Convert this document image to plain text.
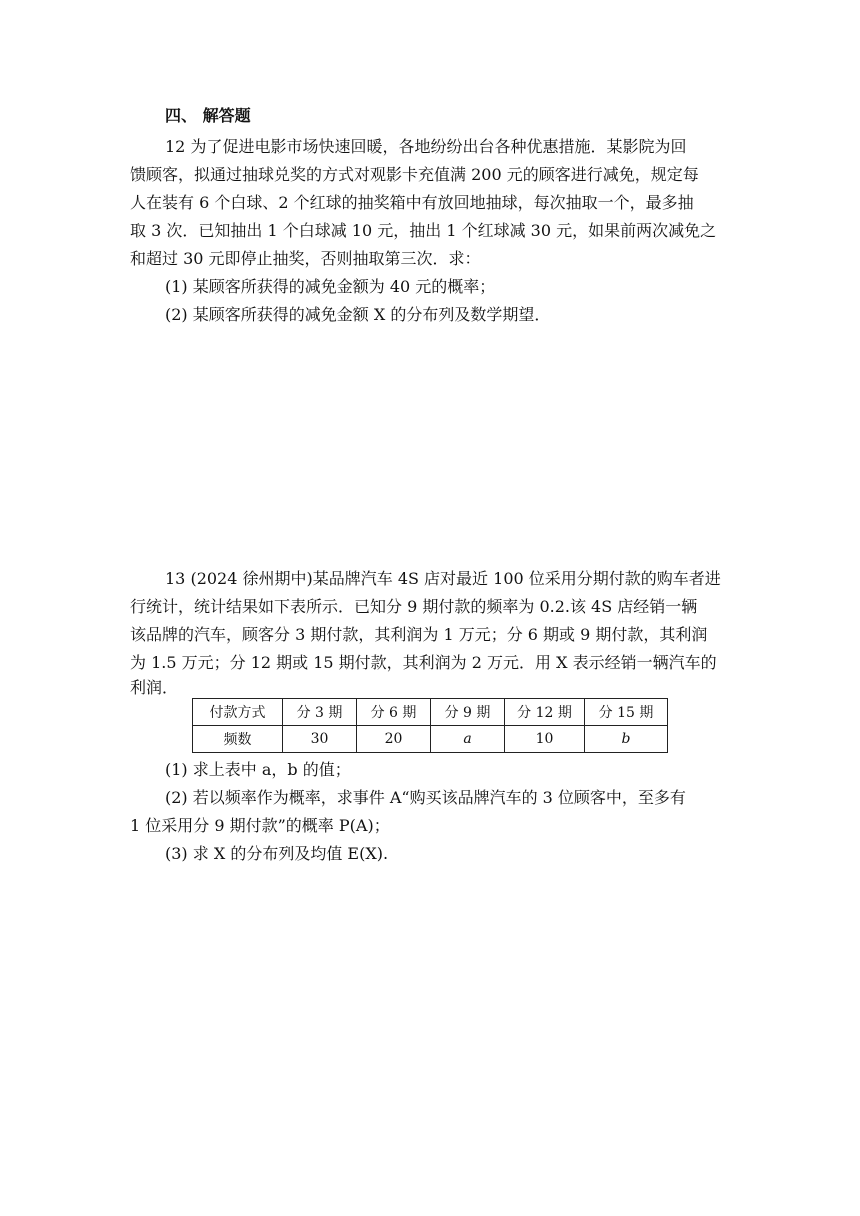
四、 解答题
12 为了促进电影市场快速回暖，各地纷纷出台各种优惠措施．某影院为回
馈顾客，拟通过抽球兑奖的方式对观影卡充值满 200 元的顾客进行减免，规定每
人在装有 6 个白球、2 个红球的抽奖箱中有放回地抽球，每次抽取一个，最多抽
取 3 次．已知抽出 1 个白球减 10 元，抽出 1 个红球减 30 元，如果前两次减免之
和超过 30 元即停止抽奖，否则抽取第三次．求：
(1) 某顾客所获得的减免金额为 40 元的概率；
(2) 某顾客所获得的减免金额 X 的分布列及数学期望．
13 (2024 徐州期中)某品牌汽车 4S 店对最近 100 位采用分期付款的购车者进
行统计，统计结果如下表所示．已知分 9 期付款的频率为 0.2.该 4S 店经销一辆
该品牌的汽车，顾客分 3 期付款，其利润为 1 万元；分 6 期或 9 期付款，其利润
为 1.5 万元；分 12 期或 15 期付款，其利润为 2 万元．用 X 表示经销一辆汽车的
利润．
付款方式	分 3 期	分 6 期	分 9 期	分 12 期	分 15 期
频数	30	20	a	10	b
(1) 求上表中 a，b 的值；
(2) 若以频率作为概率，求事件 A“购买该品牌汽车的 3 位顾客中，至多有
1 位采用分 9 期付款”的概率 P(A)；
(3) 求 X 的分布列及均值 E(X).
